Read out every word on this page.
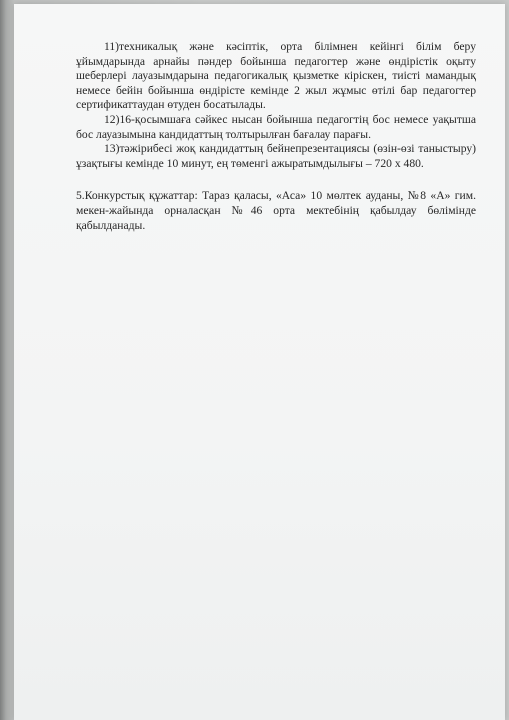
11)техникалық және кәсіптік, орта білімнен кейінгі білім беру ұйымдарында арнайы пәндер бойынша педагогтер және өндірістік оқыту шеберлері лауазымдарына педагогикалық қызметке кіріскен, тиісті мамандық немесе бейін бойынша өндірісте кемінде 2 жыл жұмыс өтілі бар педагогтер сертификаттаудан өтуден босатылады.

12)16-қосымшаға сәйкес нысан бойынша педагогтің бос немесе уақытша бос лауазымына кандидаттың толтырылған бағалау парағы.

13)тәжірибесі жоқ кандидаттың бейнепрезентациясы (өзін-өзі таныстыру) ұзақтығы кемінде 10 минут, ең төменгі ажыратымдылығы – 720 х 480.

5.Конкурстық құжаттар: Тараз қаласы, «Аса» 10 мөлтек ауданы, №8 «А» гим. мекен-жайында орналасқан №46 орта мектебінің қабылдау бөлімінде қабылданады.
